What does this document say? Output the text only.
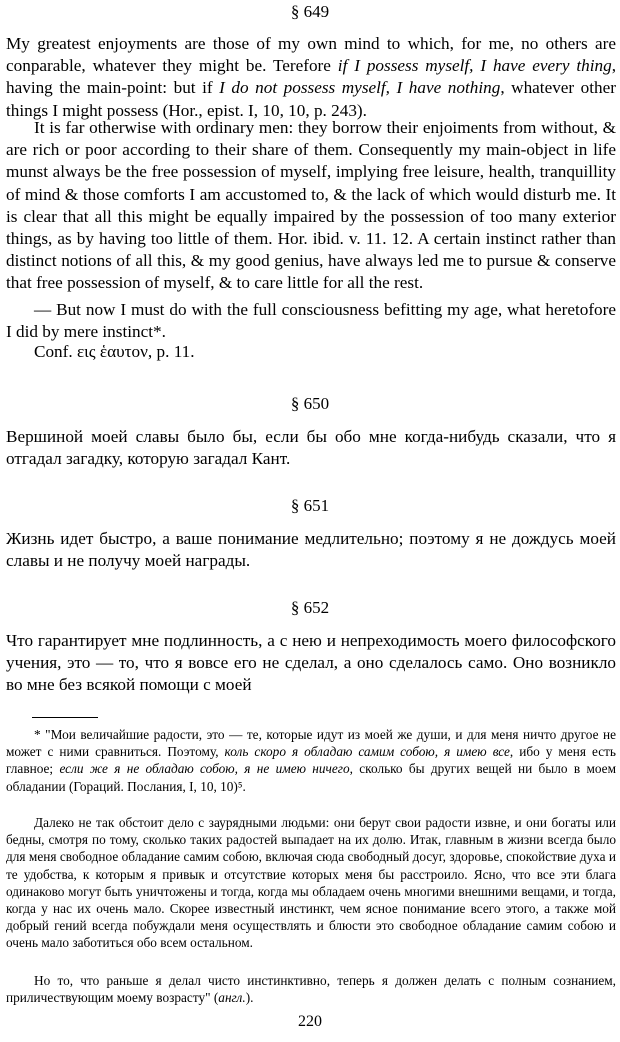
§ 649

My greatest enjoyments are those of my own mind to which, for me, no others are conparable, whatever they might be. Terefore if I possess myself, I have every thing, having the main-point: but if I do not possess myself, I have nothing, whatever other things I might possess (Hor., epist. I, 10, 10, p. 243).

It is far otherwise with ordinary men: they borrow their enjoiments from without, & are rich or poor according to their share of them. Consequently my main-object in life munst always be the free possession of myself, implying free leisure, health, tranquillity of mind & those comforts I am accustomed to, & the lack of which would disturb me. It is clear that all this might be equally impaired by the possession of too many exterior things, as by having too little of them. Hor. ibid. v. 11. 12. A certain instinct rather than distinct notions of all this, & my good genius, have always led me to pursue & conserve that free possession of myself, & to care little for all the rest.

— But now I must do with the full consciousness befitting my age, what heretofore I did by mere instinct*.

Conf. εις ἑαυτον, p. 11.

§ 650

Вершиной моей славы было бы, если бы обо мне когда-нибудь сказали, что я отгадал загадку, которую загадал Кант.

§ 651

Жизнь идет быстро, а ваше понимание медлительно; поэтому я не дождусь моей славы и не получу моей награды.

§ 652

Что гарантирует мне подлинность, а с нею и непреходимость моего философского учения, это — то, что я вовсе его не сделал, а оно сделалось само. Оно возникло во мне без всякой помощи с моей

* "Мои величайшие радости, это — те, которые идут из моей же души, и для меня ничто другое не может с ними сравниться. Поэтому, коль скоро я обладаю самим собою, я имею все, ибо у меня есть главное; если же я не обладаю собою, я не имею ничего, сколько бы других вещей ни было в моем обладании (Гораций. Послания, I, 10, 10)⁵.

Далеко не так обстоит дело с заурядными людьми: они берут свои радости извне, и они богаты или бедны, смотря по тому, сколько таких радостей выпадает на их долю. Итак, главным в жизни всегда было для меня свободное обладание самим собою, включая сюда свободный досуг, здоровье, спокойствие духа и те удобства, к которым я привык и отсутствие которых меня бы расстроило. Ясно, что все эти блага одинаково могут быть уничтожены и тогда, когда мы обладаем очень многими внешними вещами, и тогда, когда у нас их очень мало. Скорее известный инстинкт, чем ясное понимание всего этого, а также мой добрый гений всегда побуждали меня осуществлять и блюсти это свободное обладание самим собою и очень мало заботиться обо всем остальном.

Но то, что раньше я делал чисто инстинктивно, теперь я должен делать с полным сознанием, приличествующим моему возрасту" (англ.).

220
